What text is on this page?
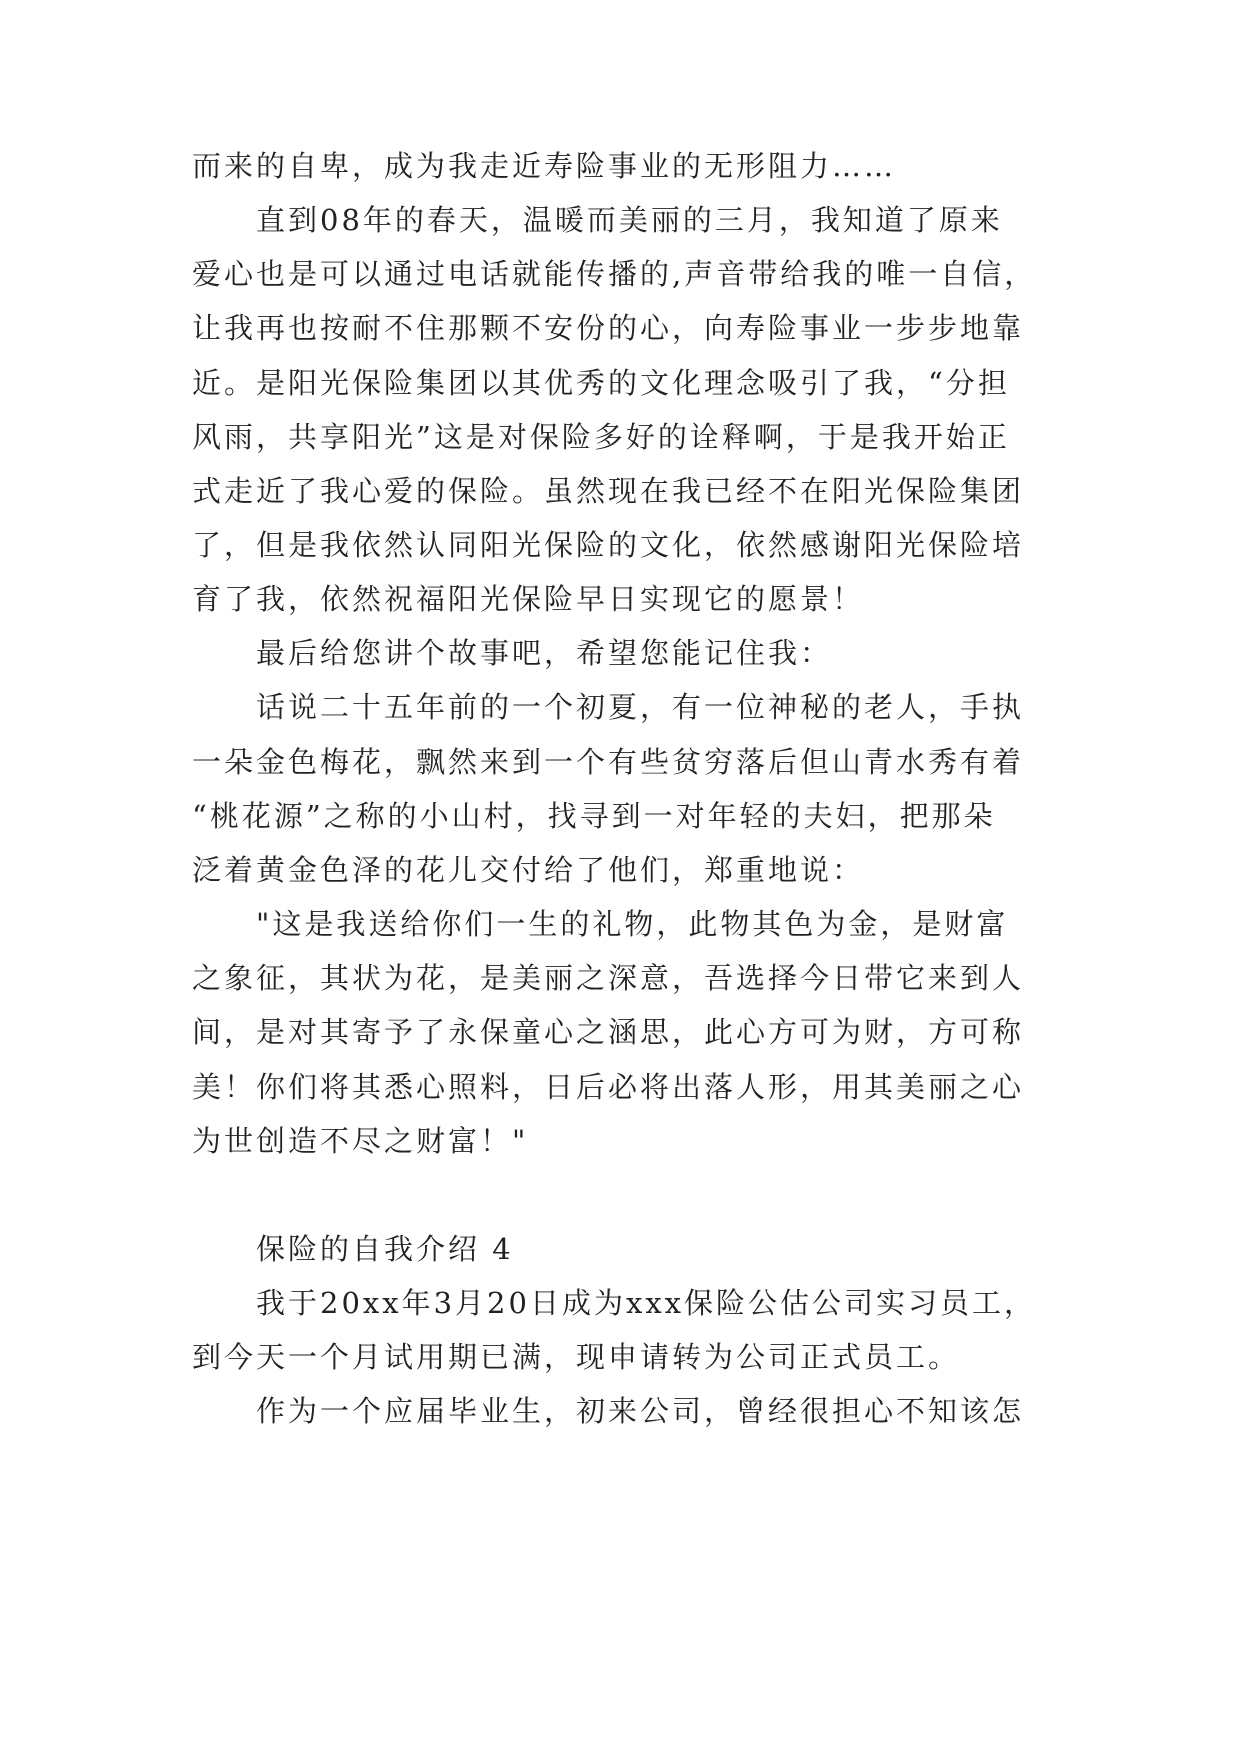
而来的自卑，成为我走近寿险事业的无形阻力……
直到08年的春天，温暖而美丽的三月，我知道了原来
爱心也是可以通过电话就能传播的,声音带给我的唯一自信，
让我再也按耐不住那颗不安份的心，向寿险事业一步步地靠
近。是阳光保险集团以其优秀的文化理念吸引了我，“分担
风雨，共享阳光”这是对保险多好的诠释啊，于是我开始正
式走近了我心爱的保险。虽然现在我已经不在阳光保险集团
了，但是我依然认同阳光保险的文化，依然感谢阳光保险培
育了我，依然祝福阳光保险早日实现它的愿景！
最后给您讲个故事吧，希望您能记住我：
话说二十五年前的一个初夏，有一位神秘的老人，手执
一朵金色梅花，飘然来到一个有些贫穷落后但山青水秀有着
“桃花源”之称的小山村，找寻到一对年轻的夫妇，把那朵
泛着黄金色泽的花儿交付给了他们，郑重地说：
"这是我送给你们一生的礼物，此物其色为金，是财富
之象征，其状为花，是美丽之深意，吾选择今日带它来到人
间，是对其寄予了永保童心之涵思，此心方可为财，方可称
美！你们将其悉心照料，日后必将出落人形，用其美丽之心
为世创造不尽之财富！"
保险的自我介绍 4
我于20xx年3月20日成为xxx保险公估公司实习员工，
到今天一个月试用期已满，现申请转为公司正式员工。
作为一个应届毕业生，初来公司，曾经很担心不知该怎
